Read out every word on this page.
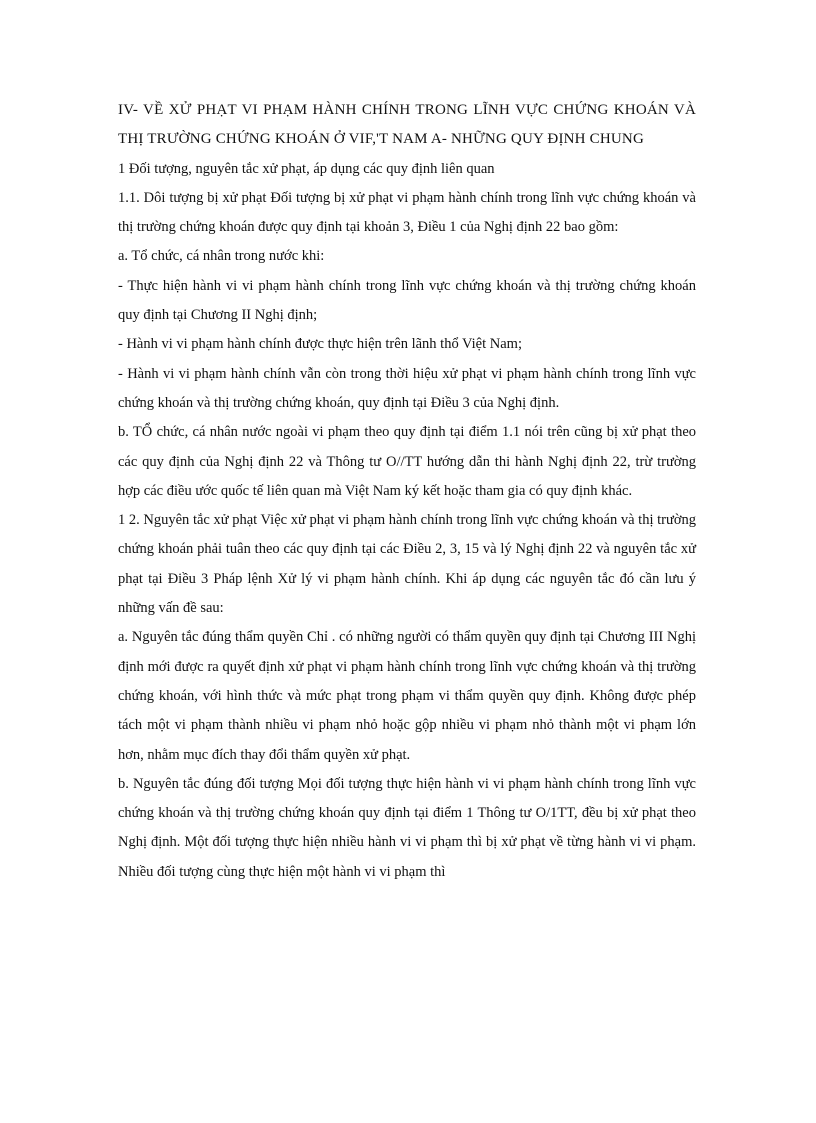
IV- VỀ XỬ PHẠT VI PHẠM HÀNH CHÍNH TRONG LĨNH VỰC CHỨNG KHOÁN VÀ THỊ TRƯỜNG CHỨNG KHOÁN Ở VIF,'T NAM A- NHỮNG QUY ĐỊNH CHUNG

1 Đối tượng, nguyên tắc xử phạt, áp dụng các quy định liên quan

1.1. Dôi tượng bị xử phạt Đối tượng bị xử phạt vi phạm hành chính trong lĩnh vực chứng khoán và thị trường chứng khoán được quy định tại khoản 3, Điều 1 của Nghị định 22 bao gồm:

a. Tổ chức, cá nhân trong nước khi:

- Thực hiện hành vi vi phạm hành chính trong lĩnh vực chứng khoán và thị trường chứng khoán quy định tại Chương II Nghị định;

- Hành vi vi phạm hành chính được thực hiện trên lãnh thổ Việt Nam;

- Hành vi vi phạm hành chính vẫn còn trong thời hiệu xử phạt vi phạm hành chính trong lĩnh vực chứng khoán và thị trường chứng khoán, quy định tại Điều 3 của Nghị định.

b. TỔ chức, cá nhân nước ngoài vi phạm theo quy định tại điểm 1.1 nói trên cũng bị xử phạt theo các quy định của Nghị định 22 và Thông tư O//TT hướng dẫn thi hành Nghị định 22, trừ trường hợp các điều ước quốc tế liên quan mà Việt Nam ký kết hoặc tham gia có quy định khác.

1 2. Nguyên tắc xử phạt Việc xử phạt vi phạm hành chính trong lĩnh vực chứng khoán và thị trường chứng khoán phải tuân theo các quy định tại các Điều 2, 3, 15 và lý Nghị định 22 và nguyên tắc xử phạt tại Điều 3 Pháp lệnh Xử lý vi phạm hành chính. Khi áp dụng các nguyên tắc đó cần lưu ý những vấn đề sau:

a. Nguyên tắc đúng thẩm quyền Chỉ . có những người có thẩm quyền quy định tại Chương III Nghị định mới được ra quyết định xử phạt vi phạm hành chính trong lĩnh vực chứng khoán và thị trường chứng khoán, với hình thức và mức phạt trong phạm vi thẩm quyền quy định. Không được phép tách một vi phạm thành nhiều vi phạm nhỏ hoặc gộp nhiều vi phạm nhỏ thành một vi phạm lớn hơn, nhằm mục đích thay đổi thẩm quyền xử phạt.

b. Nguyên tắc đúng đối tượng Mọi đối tượng thực hiện hành vi vi phạm hành chính trong lĩnh vực chứng khoán và thị trường chứng khoán quy định tại điểm 1 Thông tư O/1TT, đều bị xử phạt theo Nghị định. Một đối tượng thực hiện nhiều hành vi vi phạm thì bị xử phạt về từng hành vi vi phạm. Nhiều đối tượng cùng thực hiện một hành vi vi phạm thì
